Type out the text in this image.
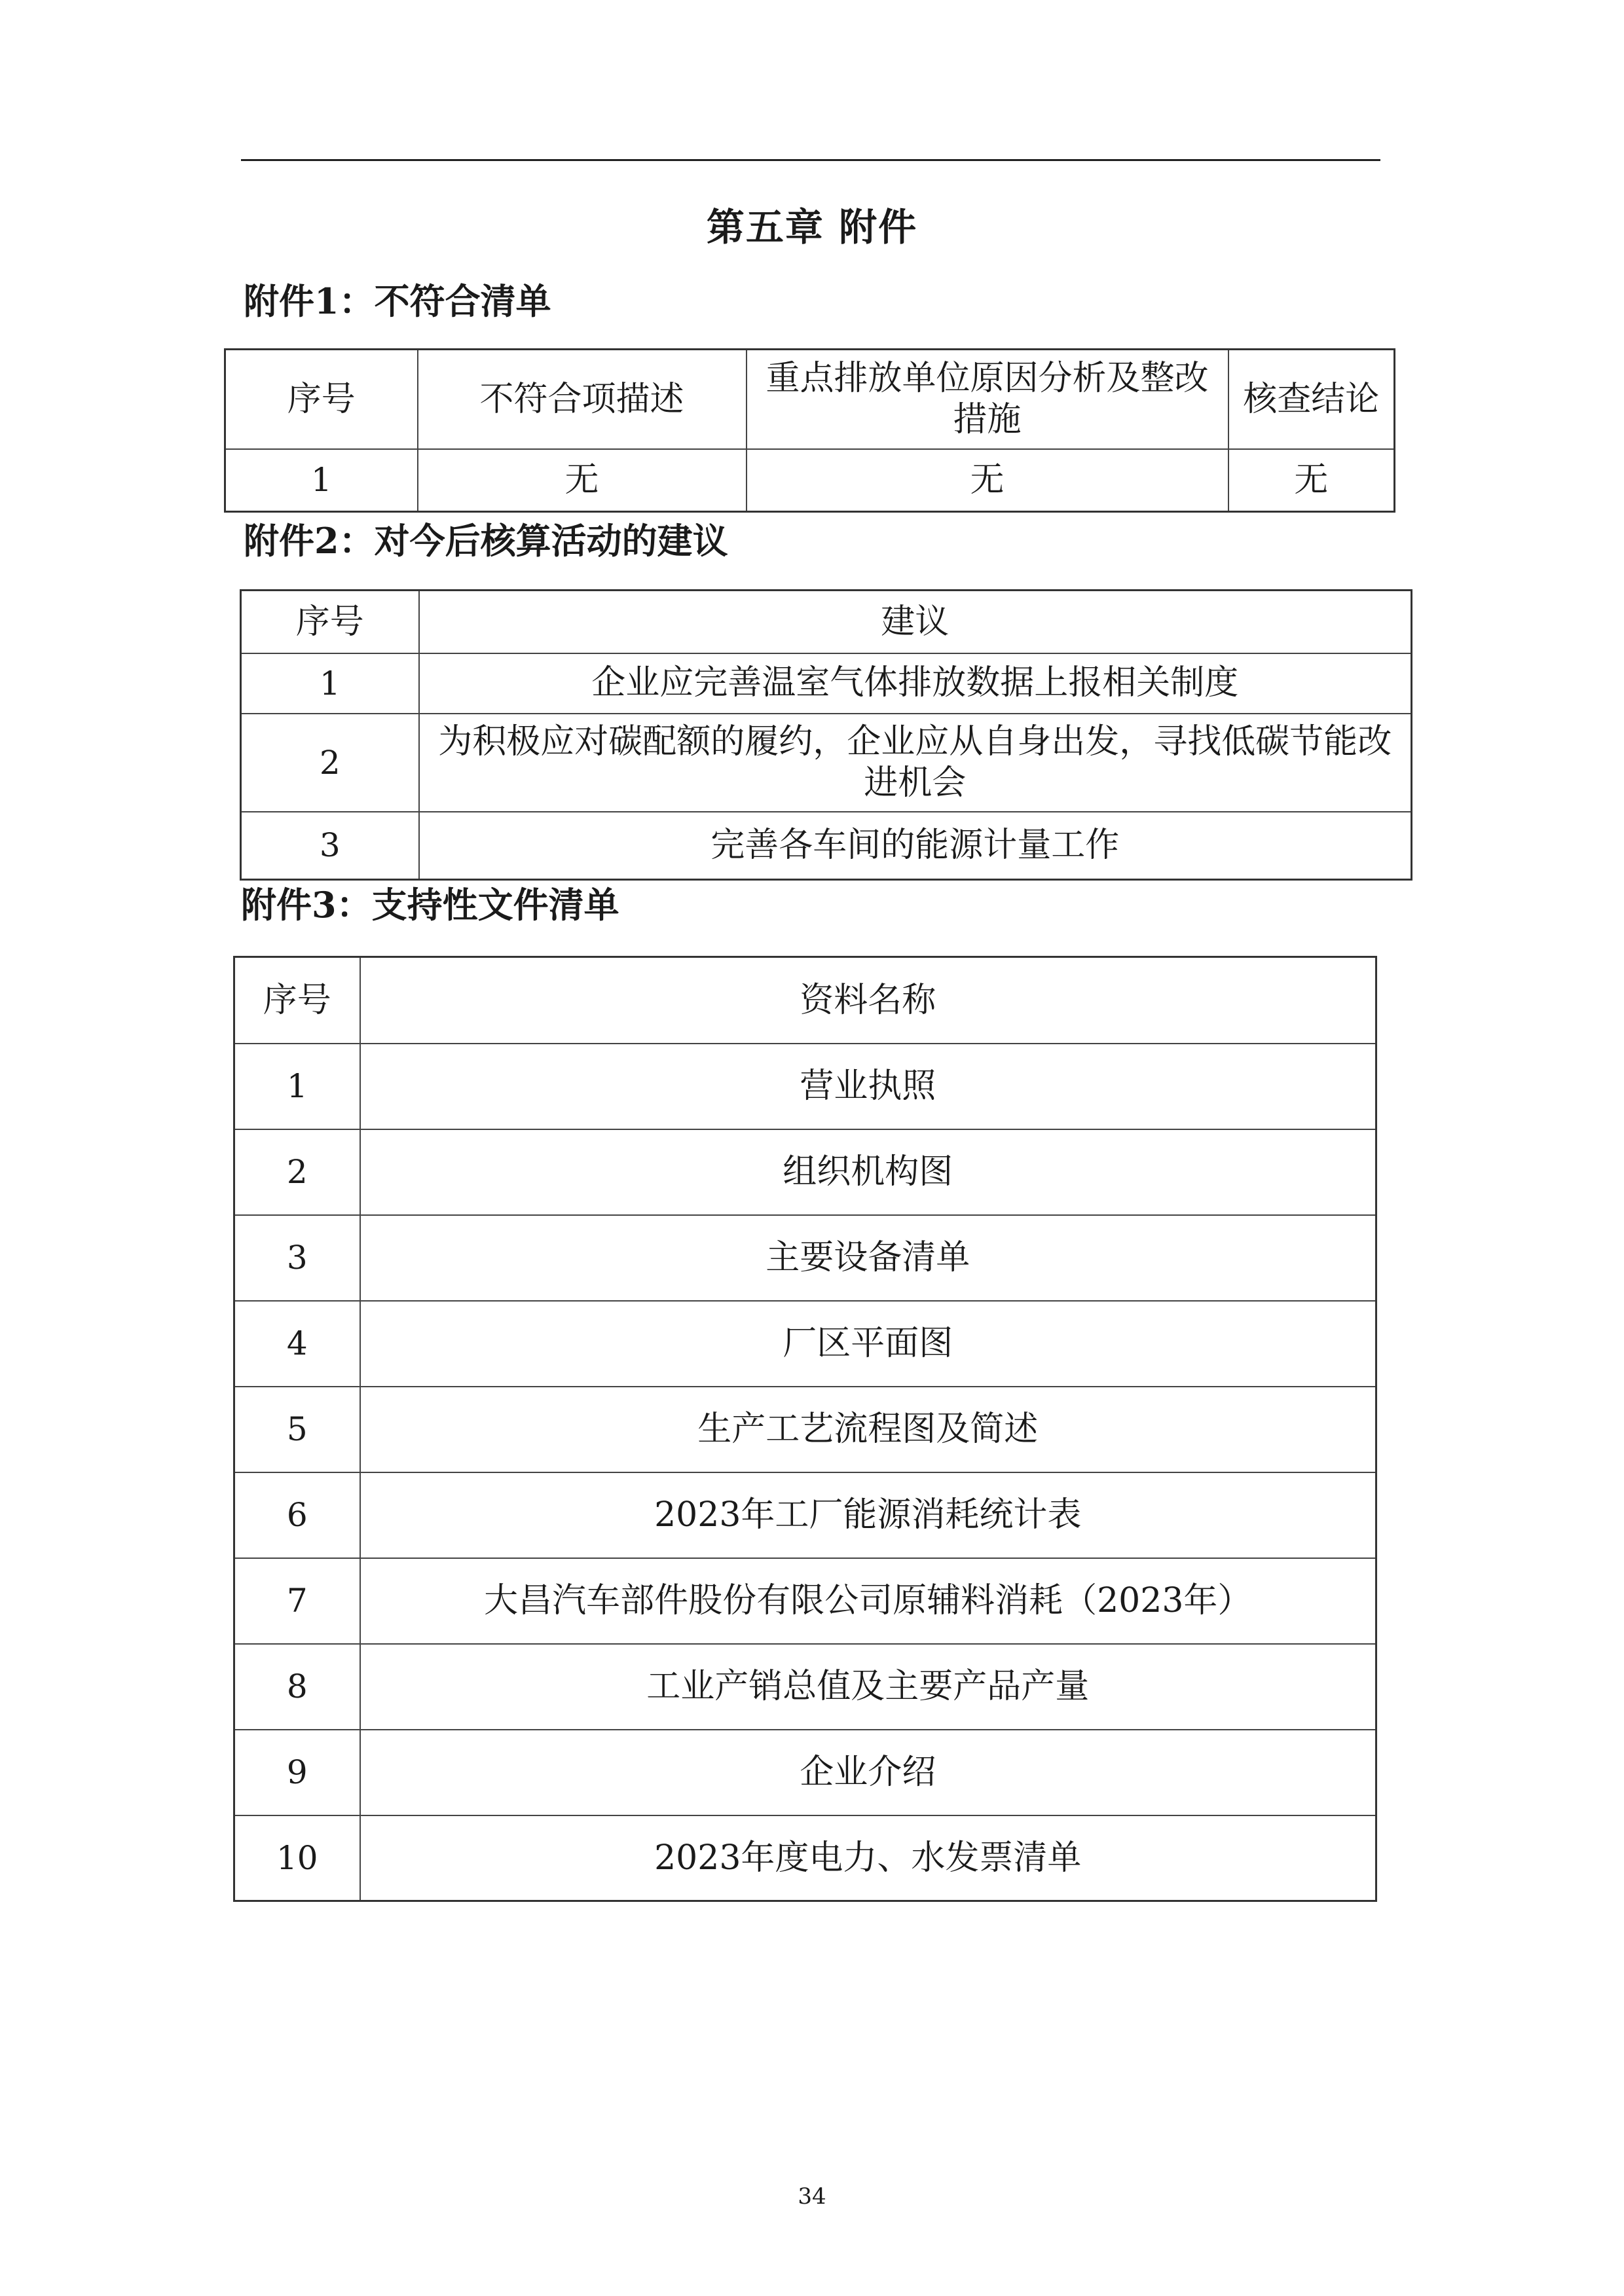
第五章 附件
附件1：不符合清单
序号	不符合项描述	重点排放单位原因分析及整改措施	核查结论
1	无	无	无
附件2：对今后核算活动的建议
序号	建议
1	企业应完善温室气体排放数据上报相关制度
2	为积极应对碳配额的履约，企业应从自身出发，寻找低碳节能改进机会
3	完善各车间的能源计量工作
附件3：支持性文件清单
序号	资料名称
1	营业执照
2	组织机构图
3	主要设备清单
4	厂区平面图
5	生产工艺流程图及简述
6	2023年工厂能源消耗统计表
7	大昌汽车部件股份有限公司原辅料消耗（2023年）
8	工业产销总值及主要产品产量
9	企业介绍
10	2023年度电力、水发票清单
34
